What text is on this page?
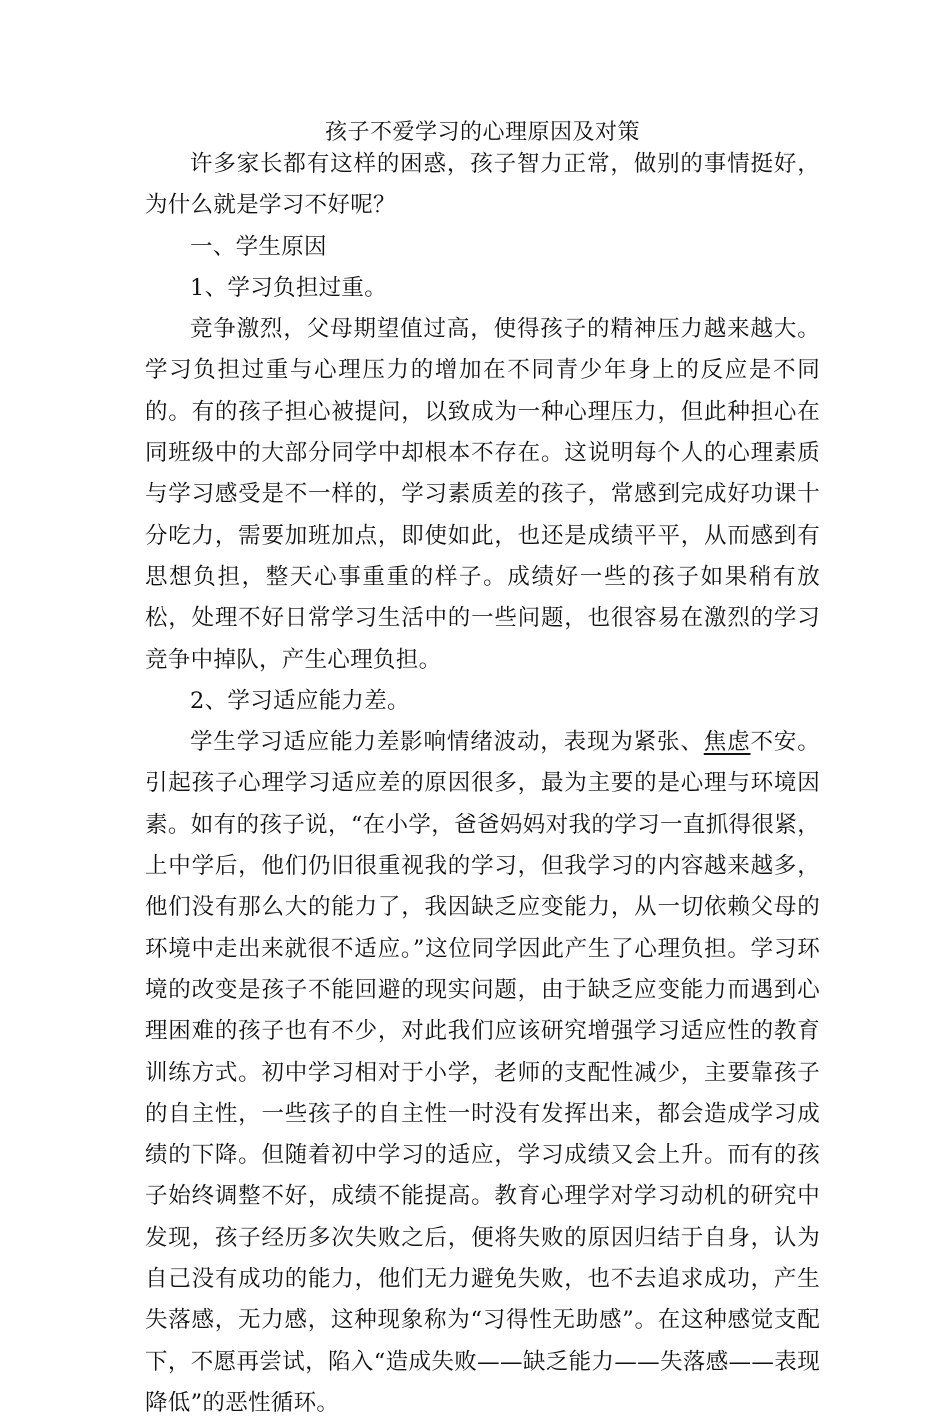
孩子不爱学习的心理原因及对策

许多家长都有这样的困惑，孩子智力正常，做别的事情挺好，为什么就是学习不好呢？

一、学生原因

1、学习负担过重。

竞争激烈，父母期望值过高，使得孩子的精神压力越来越大。学习负担过重与心理压力的增加在不同青少年身上的反应是不同的。有的孩子担心被提问，以致成为一种心理压力，但此种担心在同班级中的大部分同学中却根本不存在。这说明每个人的心理素质与学习感受是不一样的，学习素质差的孩子，常感到完成好功课十分吃力，需要加班加点，即使如此，也还是成绩平平，从而感到有思想负担，整天心事重重的样子。成绩好一些的孩子如果稍有放松，处理不好日常学习生活中的一些问题，也很容易在激烈的学习竞争中掉队，产生心理负担。

2、学习适应能力差。

学生学习适应能力差影响情绪波动，表现为紧张、焦虑不安。引起孩子心理学习适应差的原因很多，最为主要的是心理与环境因素。如有的孩子说，“在小学，爸爸妈妈对我的学习一直抓得很紧，上中学后，他们仍旧很重视我的学习，但我学习的内容越来越多，他们没有那么大的能力了，我因缺乏应变能力，从一切依赖父母的环境中走出来就很不适应。”这位同学因此产生了心理负担。学习环境的改变是孩子不能回避的现实问题，由于缺乏应变能力而遇到心理困难的孩子也有不少，对此我们应该研究增强学习适应性的教育训练方式。初中学习相对于小学，老师的支配性减少，主要靠孩子的自主性，一些孩子的自主性一时没有发挥出来，都会造成学习成绩的下降。但随着初中学习的适应，学习成绩又会上升。而有的孩子始终调整不好，成绩不能提高。教育心理学对学习动机的研究中发现，孩子经历多次失败之后，便将失败的原因归结于自身，认为自己没有成功的能力，他们无力避免失败，也不去追求成功，产生失落感，无力感，这种现象称为“习得性无助感”。在这种感觉支配下，不愿再尝试，陷入“造成失败——缺乏能力——失落感——表现降低”的恶性循环。
